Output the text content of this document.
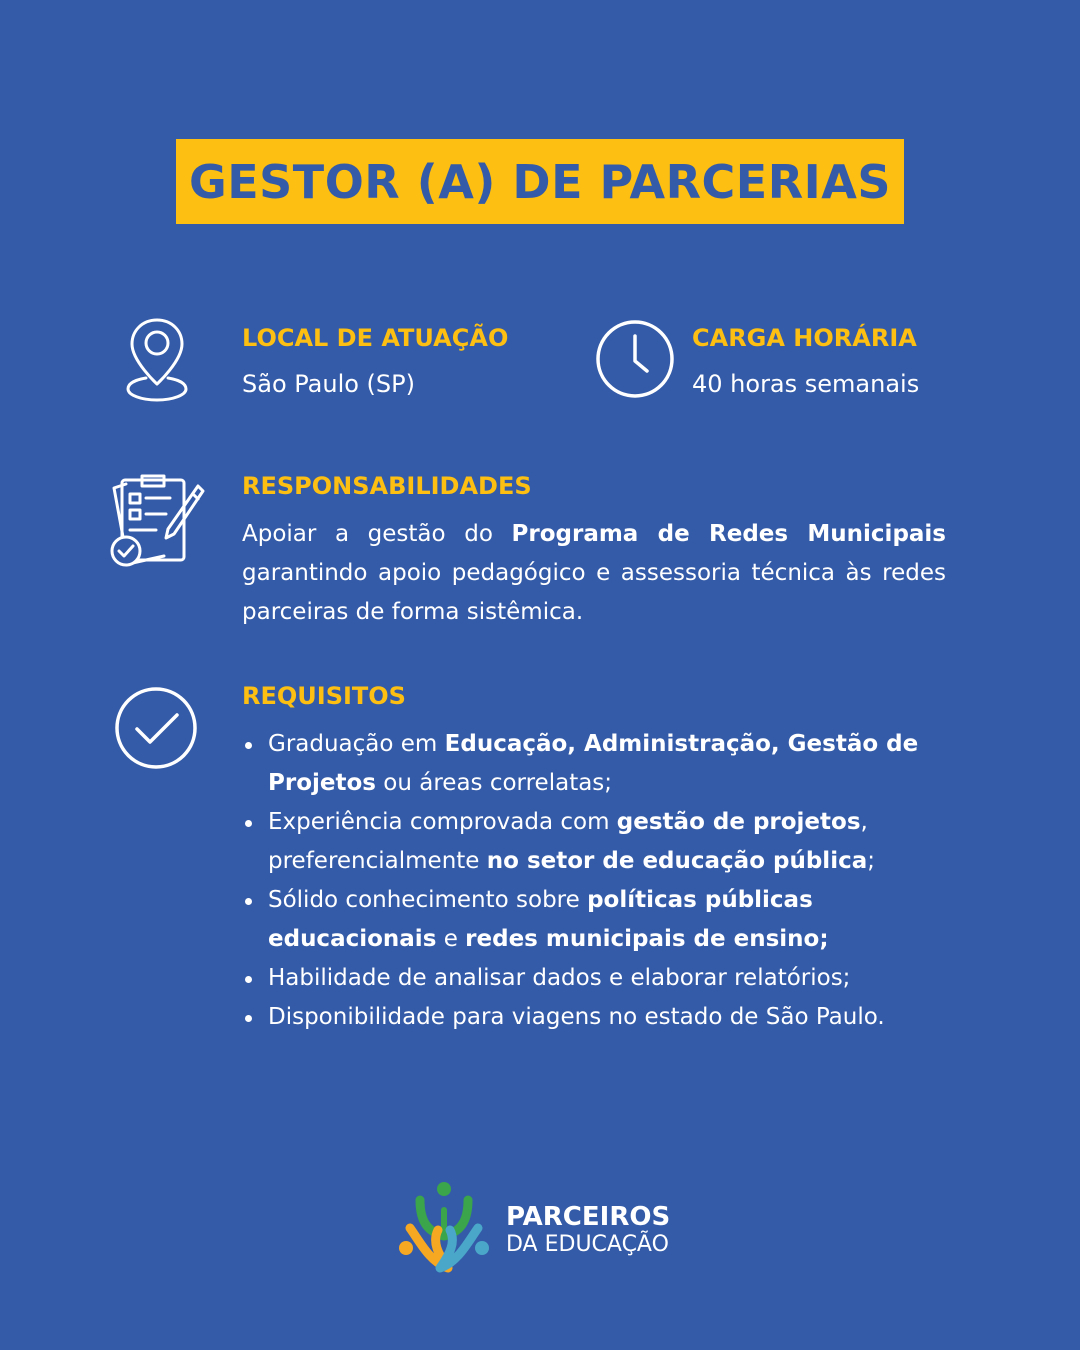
GESTOR (A) DE PARCERIAS
LOCAL DE ATUAÇÃO
São Paulo (SP)
CARGA HORÁRIA
40 horas semanais
RESPONSABILIDADES

Apoiar a gestão do Programa de Redes Municipais garantindo apoio pedagógico e assessoria técnica às redes parceiras de forma sistêmica.

REQUISITOS
Graduação em Educação, Administração, Gestão de Projetos ou áreas correlatas;
Experiência comprovada com gestão de projetos, preferencialmente no setor de educação pública;
Sólido conhecimento sobre políticas públicas educacionais e redes municipais de ensino;
Habilidade de analisar dados e elaborar relatórios;
Disponibilidade para viagens no estado de São Paulo.
PARCEIROS
DA EDUCAÇÃO
